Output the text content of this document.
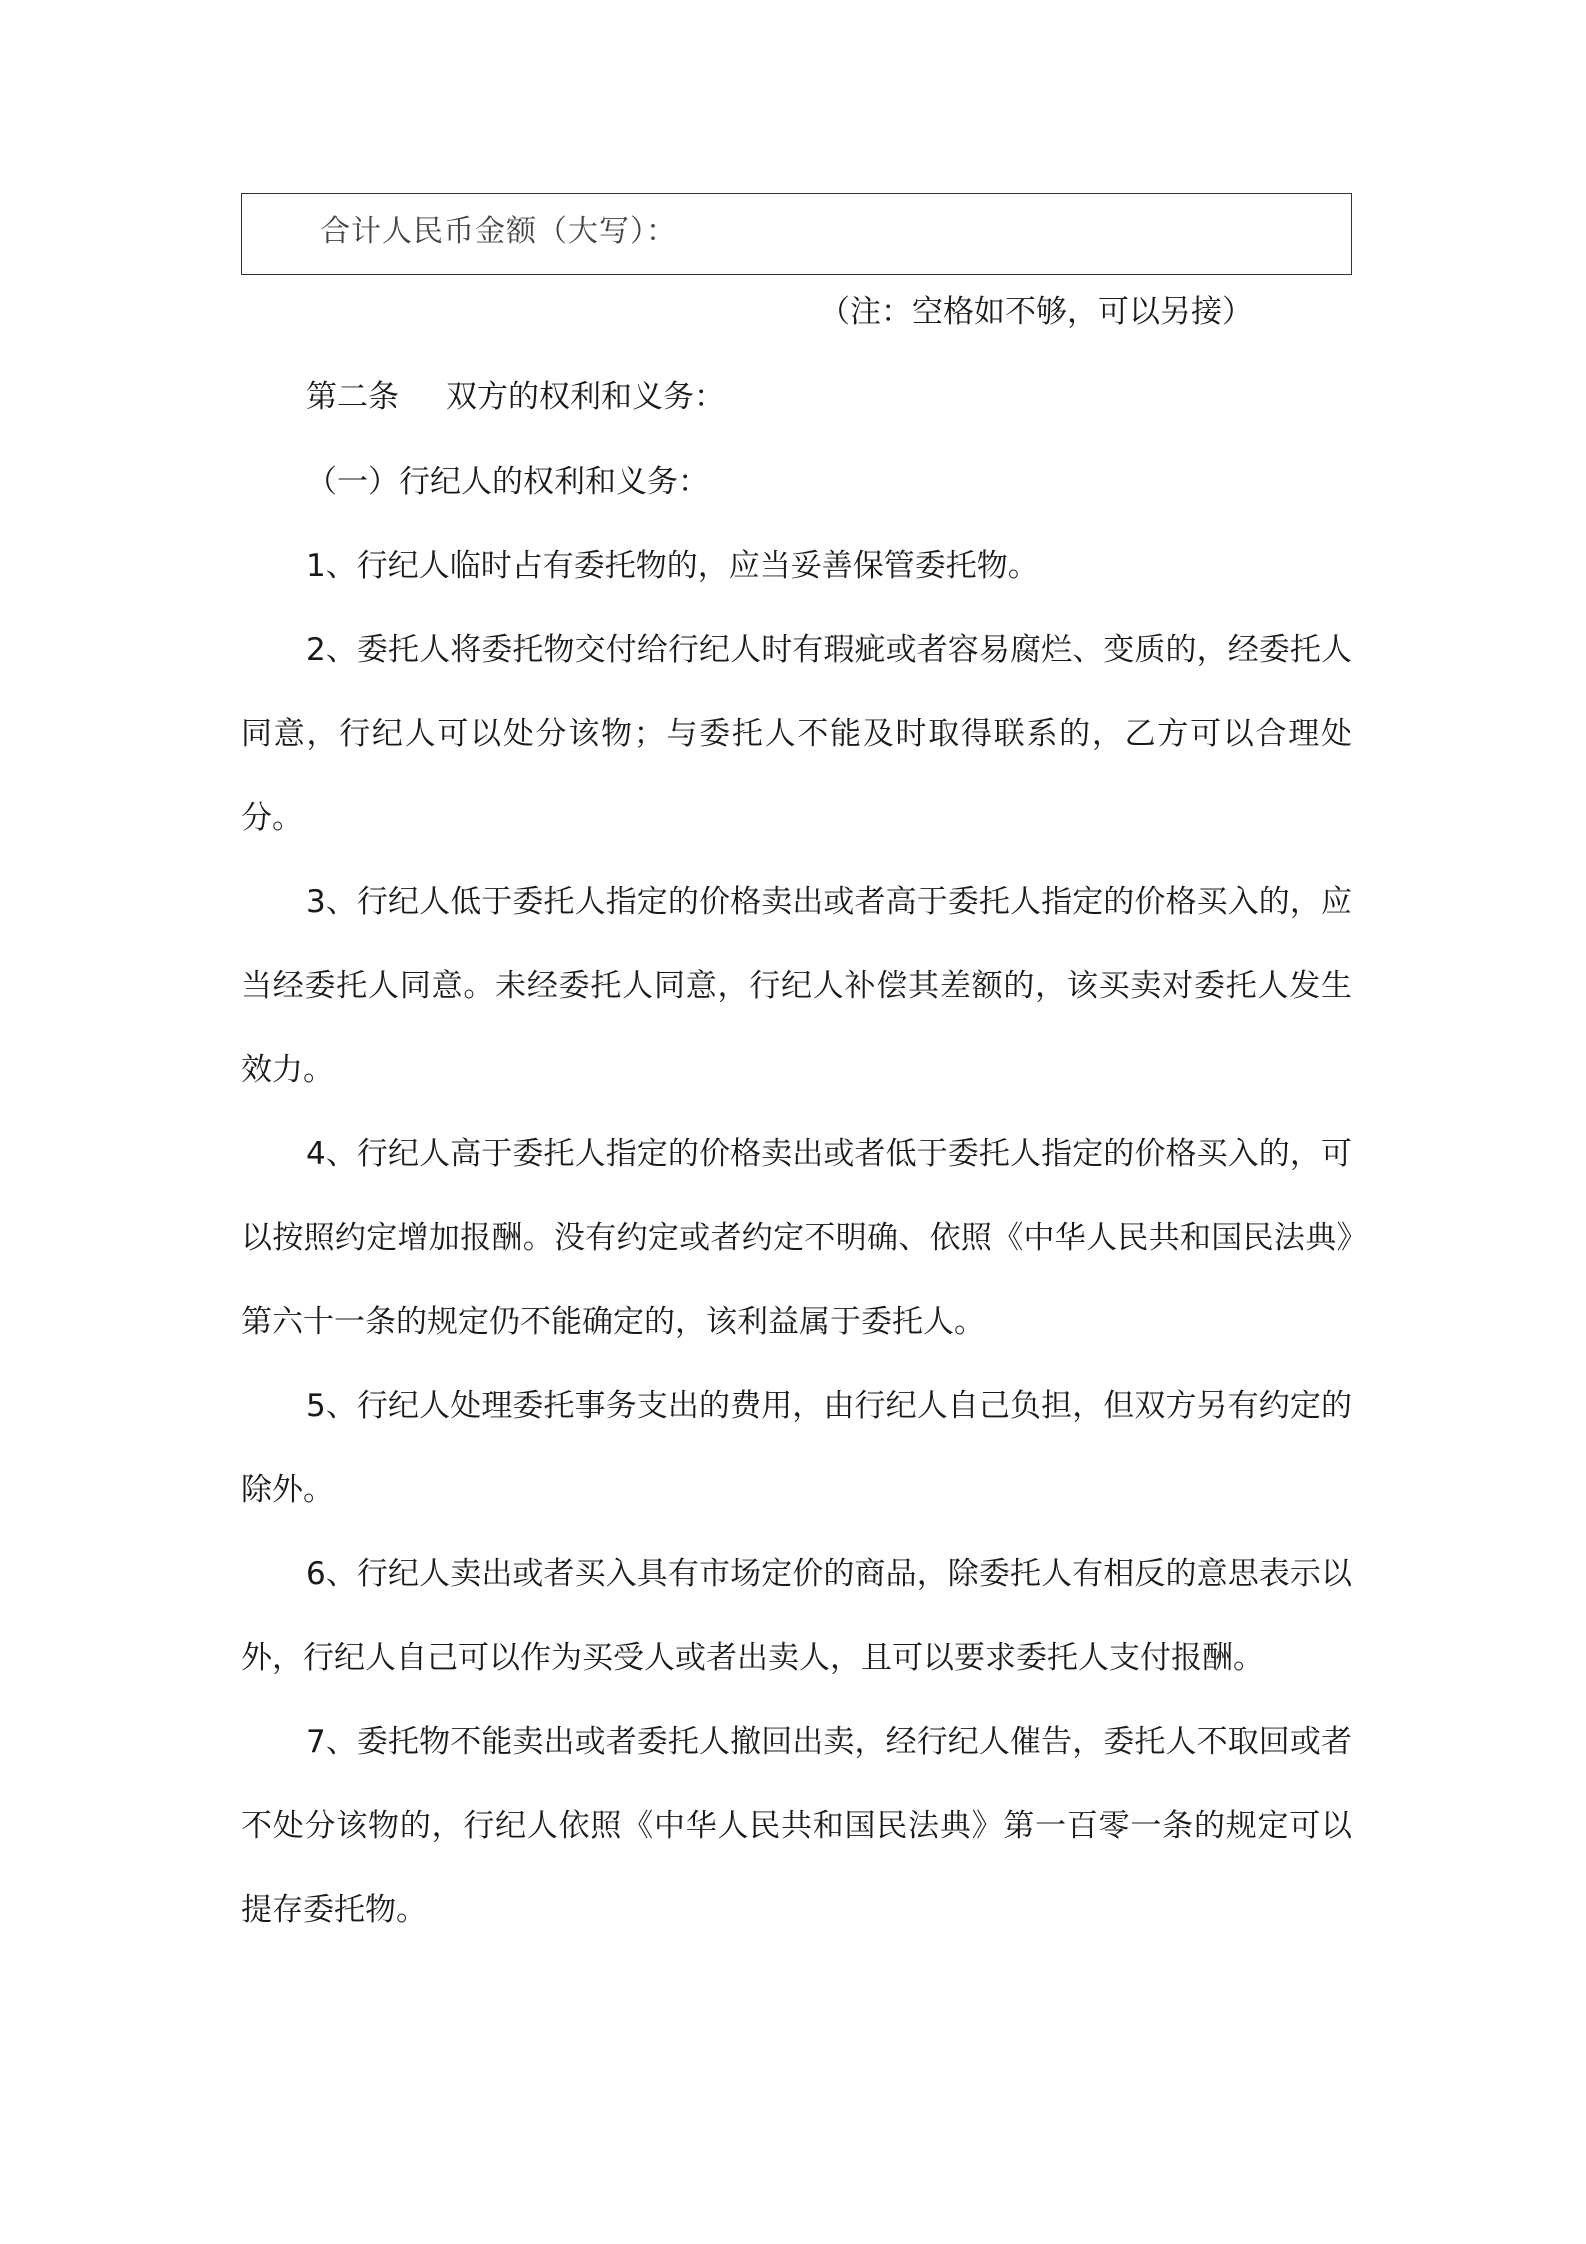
合计人民币金额（大写）：
（注：空格如不够，可以另接）
第二条 双方的权利和义务：
（一）行纪人的权利和义务：

1、行纪人临时占有委托物的，应当妥善保管委托物。

2、委托人将委托物交付给行纪人时有瑕疵或者容易腐烂、变质的，经委托人同意，行纪人可以处分该物；与委托人不能及时取得联系的，乙方可以合理处分。

3、行纪人低于委托人指定的价格卖出或者高于委托人指定的价格买入的，应当经委托人同意。未经委托人同意，行纪人补偿其差额的，该买卖对委托人发生效力。

4、行纪人高于委托人指定的价格卖出或者低于委托人指定的价格买入的，可以按照约定增加报酬。没有约定或者约定不明确、依照《中华人民共和国民法典》第六十一条的规定仍不能确定的，该利益属于委托人。

5、行纪人处理委托事务支出的费用，由行纪人自己负担，但双方另有约定的除外。

6、行纪人卖出或者买入具有市场定价的商品，除委托人有相反的意思表示以外，行纪人自己可以作为买受人或者出卖人，且可以要求委托人支付报酬。

7、委托物不能卖出或者委托人撤回出卖，经行纪人催告，委托人不取回或者不处分该物的，行纪人依照《中华人民共和国民法典》第一百零一条的规定可以提存委托物。
